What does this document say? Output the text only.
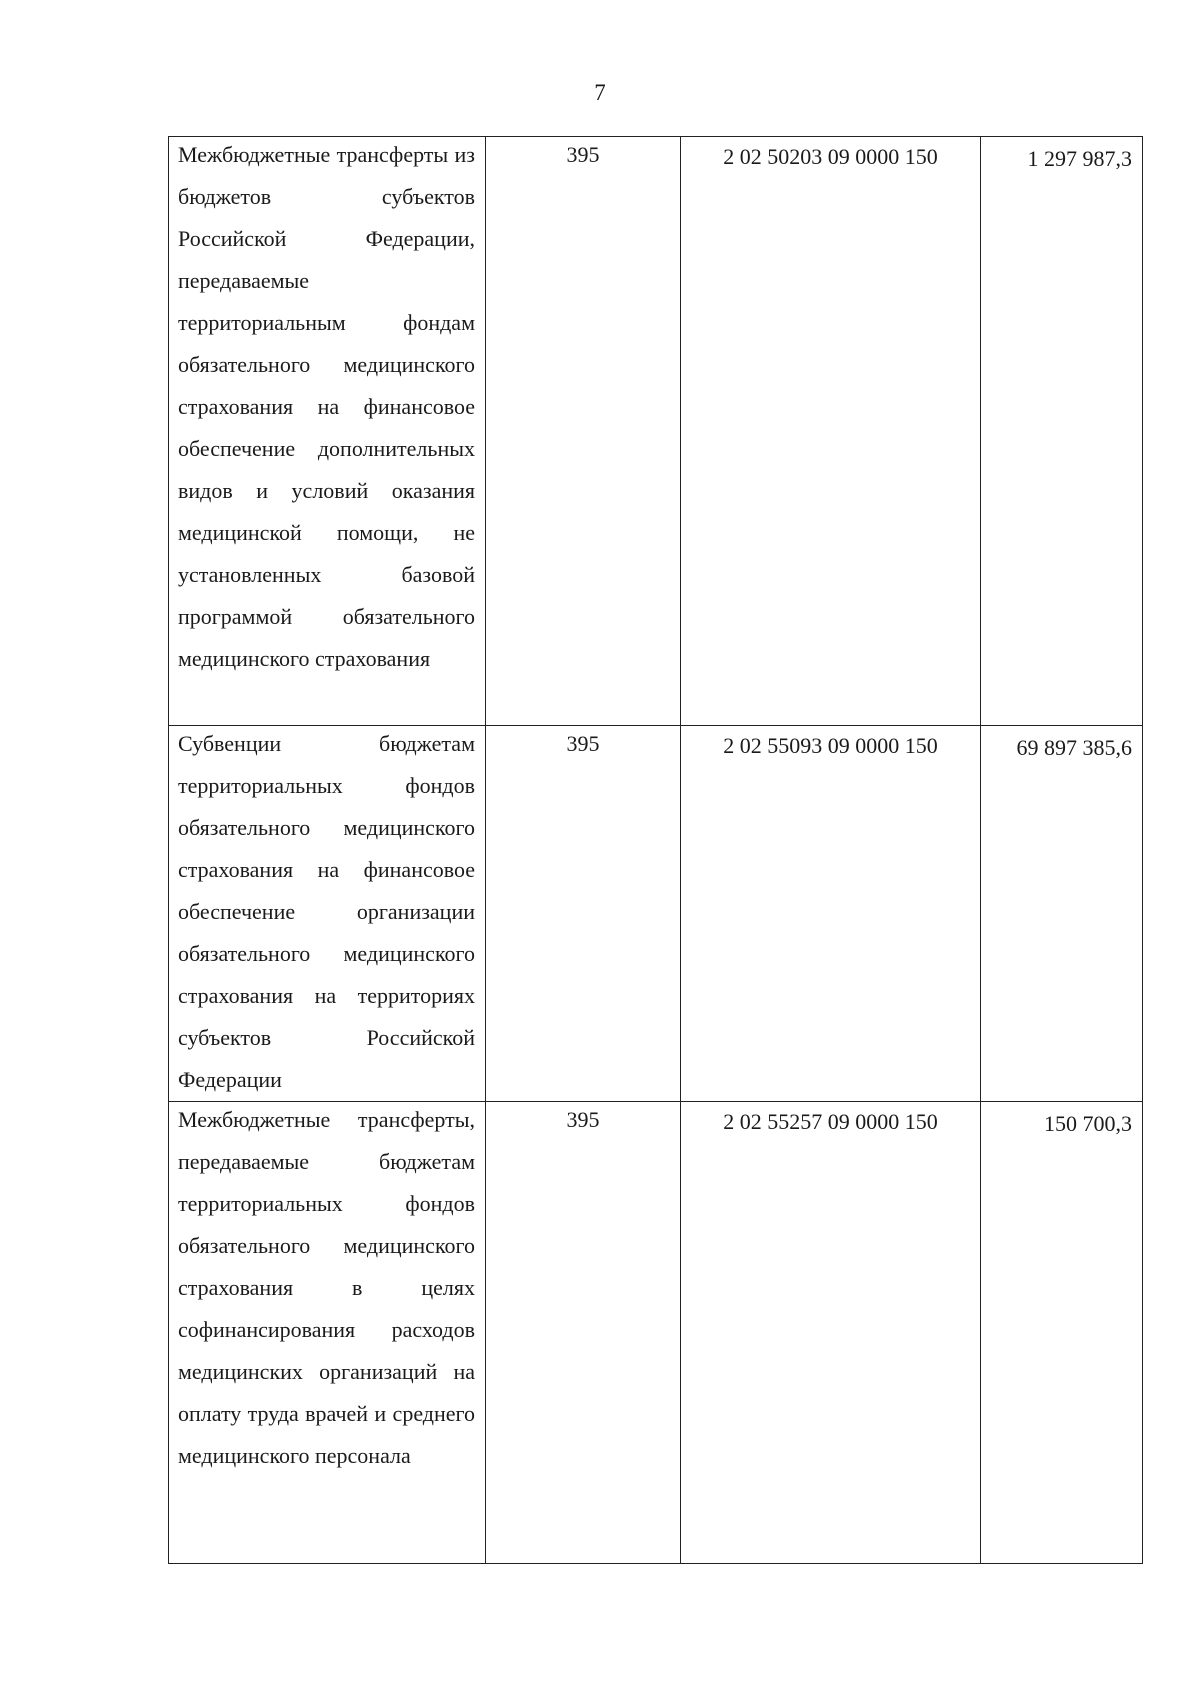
7
Межбюджетные трансферты из бюджетов субъектов Российской Федерации, передаваемые территориальным фондам обязательного медицинского страхования на финансовое обеспечение дополнительных видов и условий оказания медицинской помощи, не установленных базовой программой обязательного медицинского страхования	395	2 02 50203 09 0000 150	1 297 987,3

Субвенции бюджетам территориальных фондов обязательного медицинского страхования на финансовое обеспечение организации обязательного медицинского страхования на территориях субъектов Российской Федерации	395	2 02 55093 09 0000 150	69 897 385,6

Межбюджетные трансферты, передаваемые бюджетам территориальных фондов обязательного медицинского страхования в целях софинансирования расходов медицинских организаций на оплату труда врачей и среднего медицинского персонала	395	2 02 55257 09 0000 150	150 700,3
